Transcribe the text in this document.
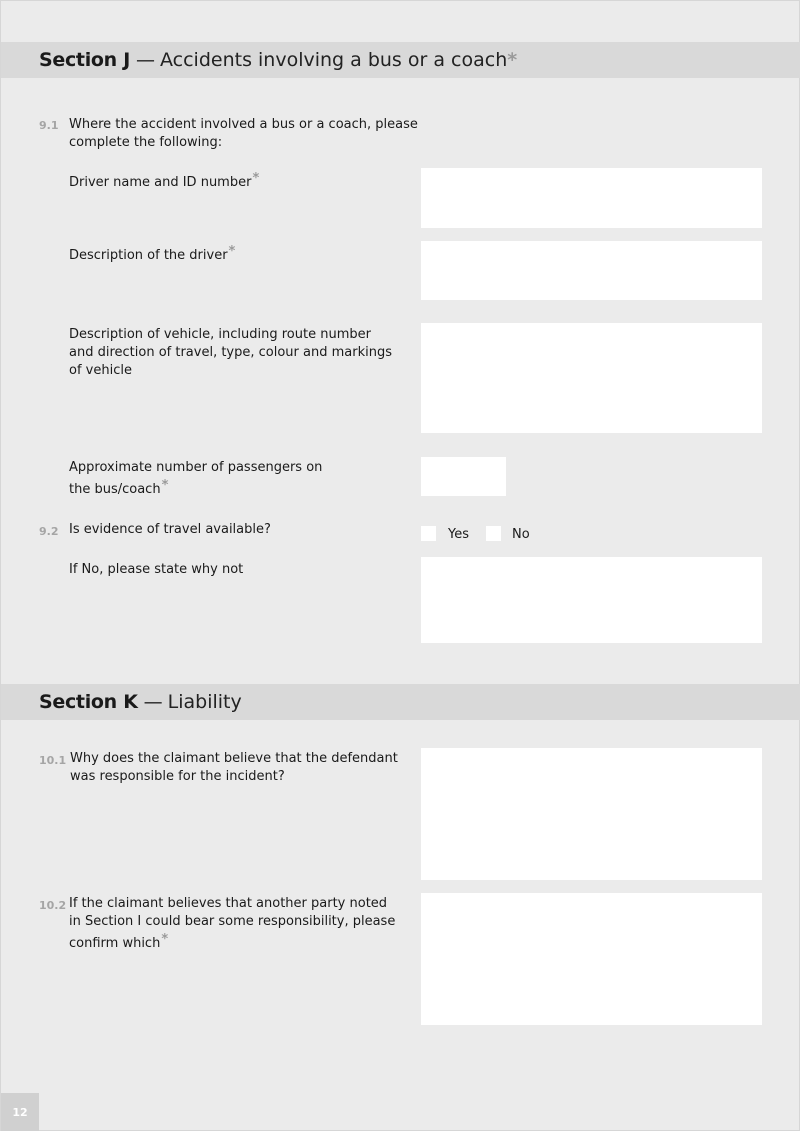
Section J — Accidents involving a bus or a coach *
9.1 Where the accident involved a bus or a coach, please
complete the following:
Driver name and ID number*
Description of the driver*
Description of vehicle, including route number
and direction of travel, type, colour and markings
of vehicle
Approximate number of passengers on
the bus/coach*
9.2 Is evidence of travel available?	Yes	No
If No, please state why not
Section K — Liability
10.1 Why does the claimant believe that the defendant
was responsible for the incident?
10.2 If the claimant believes that another party noted
in Section I could bear some responsibility, please
confirm which*
12
